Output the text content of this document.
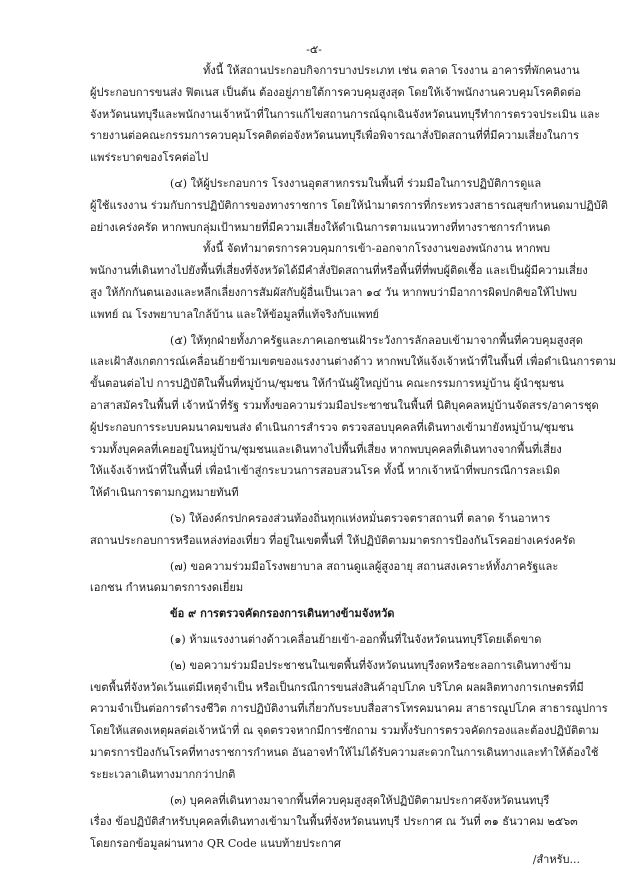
-๕-
ทั้งนี้ ให้สถานประกอบกิจการบางประเภท เช่น ตลาด โรงงาน อาคารที่พักคนงาน
ผู้ประกอบการขนส่ง ฟิตเนส เป็นต้น ต้องอยู่ภายใต้การควบคุมสูงสุด โดยให้เจ้าพนักงานควบคุมโรคติดต่อ
จังหวัดนนทบุรีและพนักงานเจ้าหน้าที่ในการแก้ไขสถานการณ์ฉุกเฉินจังหวัดนนทบุรีทำการตรวจประเมิน และ
รายงานต่อคณะกรรมการควบคุมโรคติดต่อจังหวัดนนทบุรีเพื่อพิจารณาสั่งปิดสถานที่ที่มีความเสี่ยงในการ
แพร่ระบาดของโรคต่อไป
(๔) ให้ผู้ประกอบการ โรงงานอุตสาหกรรมในพื้นที่ ร่วมมือในการปฏิบัติการดูแล
ผู้ใช้แรงงาน ร่วมกับการปฏิบัติการของทางราชการ โดยให้นำมาตรการที่กระทรวงสาธารณสุขกำหนดมาปฏิบัติ
อย่างเคร่งครัด หากพบกลุ่มเป้าหมายที่มีความเสี่ยงให้ดำเนินการตามแนวทางที่ทางราชการกำหนด
ทั้งนี้ จัดทำมาตรการควบคุมการเข้า-ออกจากโรงงานของพนักงาน หากพบ
พนักงานที่เดินทางไปยังพื้นที่เสี่ยงที่จังหวัดได้มีคำสั่งปิดสถานที่หรือพื้นที่ที่พบผู้ติดเชื้อ และเป็นผู้มีความเสี่ยง
สูง ให้กักกันตนเองและหลีกเลี่ยงการสัมผัสกับผู้อื่นเป็นเวลา ๑๔ วัน หากพบว่ามีอาการผิดปกติขอให้ไปพบ
แพทย์ ณ โรงพยาบาลใกล้บ้าน และให้ข้อมูลที่แท้จริงกับแพทย์
(๕) ให้ทุกฝ่ายทั้งภาครัฐและภาคเอกชนเฝ้าระวังการลักลอบเข้ามาจากพื้นที่ควบคุมสูงสุด
และเฝ้าสังเกตการณ์เคลื่อนย้ายข้ามเขตของแรงงานต่างด้าว หากพบให้แจ้งเจ้าหน้าที่ในพื้นที่ เพื่อดำเนินการตาม
ขั้นตอนต่อไป การปฏิบัติในพื้นที่หมู่บ้าน/ชุมชน ให้กำนันผู้ใหญ่บ้าน คณะกรรมการหมู่บ้าน ผู้นำชุมชน
อาสาสมัครในพื้นที่ เจ้าหน้าที่รัฐ รวมทั้งขอความร่วมมือประชาชนในพื้นที่ นิติบุคคลหมู่บ้านจัดสรร/อาคารชุด
ผู้ประกอบการระบบคมนาคมขนส่ง ดำเนินการสำรวจ ตรวจสอบบุคคลที่เดินทางเข้ามายังหมู่บ้าน/ชุมชน
รวมทั้งบุคคลที่เคยอยู่ในหมู่บ้าน/ชุมชนและเดินทางไปพื้นที่เสี่ยง หากพบบุคคลที่เดินทางจากพื้นที่เสี่ยง
ให้แจ้งเจ้าหน้าที่ในพื้นที่ เพื่อนำเข้าสู่กระบวนการสอบสวนโรค ทั้งนี้ หากเจ้าหน้าที่พบกรณีการละเมิด
ให้ดำเนินการตามกฎหมายทันที
(๖) ให้องค์กรปกครองส่วนท้องถิ่นทุกแห่งหมั่นตรวจตราสถานที่ ตลาด ร้านอาหาร
สถานประกอบการหรือแหล่งท่องเที่ยว ที่อยู่ในเขตพื้นที่ ให้ปฏิบัติตามมาตรการป้องกันโรคอย่างเคร่งครัด
(๗) ขอความร่วมมือโรงพยาบาล สถานดูแลผู้สูงอายุ สถานสงเคราะห์ทั้งภาครัฐและ
เอกชน กำหนดมาตรการงดเยี่ยม
ข้อ ๙ การตรวจคัดกรองการเดินทางข้ามจังหวัด
(๑) ห้ามแรงงานต่างด้าวเคลื่อนย้ายเข้า-ออกพื้นที่ในจังหวัดนนทบุรีโดยเด็ดขาด
(๒) ขอความร่วมมือประชาชนในเขตพื้นที่จังหวัดนนทบุรีงดหรือชะลอการเดินทางข้าม
เขตพื้นที่จังหวัดเว้นแต่มีเหตุจำเป็น หรือเป็นกรณีการขนส่งสินค้าอุปโภค บริโภค ผลผลิตทางการเกษตรที่มี
ความจำเป็นต่อการดำรงชีวิต การปฏิบัติงานที่เกี่ยวกับระบบสื่อสารโทรคมนาคม สาธารณูปโภค สาธารณูปการ
โดยให้แสดงเหตุผลต่อเจ้าหน้าที่ ณ จุดตรวจหากมีการซักถาม รวมทั้งรับการตรวจคัดกรองและต้องปฏิบัติตาม
มาตรการป้องกันโรคที่ทางราชการกำหนด อันอาจทำให้ไม่ได้รับความสะดวกในการเดินทางและทำให้ต้องใช้
ระยะเวลาเดินทางมากกว่าปกติ
(๓) บุคคลที่เดินทางมาจากพื้นที่ควบคุมสูงสุดให้ปฏิบัติตามประกาศจังหวัดนนทบุรี
เรื่อง ข้อปฏิบัติสำหรับบุคคลที่เดินทางเข้ามาในพื้นที่จังหวัดนนทบุรี ประกาศ ณ วันที่ ๓๑ ธันวาคม ๒๕๖๓
โดยกรอกข้อมูลผ่านทาง QR Code แนบท้ายประกาศ
/สำหรับ...
